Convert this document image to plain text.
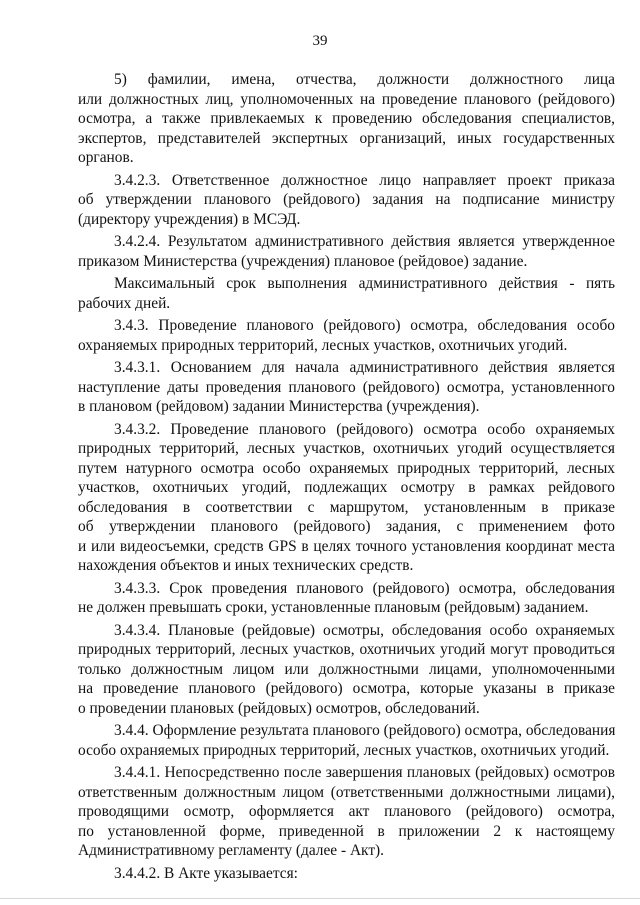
39
5)    фамилии,    имена,    отчества,    должности    должностного    лица
или должностных лиц, уполномоченных на проведение планового (рейдового)
осмотра, а также привлекаемых к проведению обследования специалистов,
экспертов, представителей экспертных организаций, иных государственных
органов.
3.4.2.3. Ответственное должностное лицо направляет проект приказа
об утверждении планового (рейдового) задания на подписание министру
(директору учреждения) в МСЭД.
3.4.2.4. Результатом административного действия является утвержденное
приказом Министерства (учреждения) плановое (рейдовое) задание.
Максимальный срок выполнения административного действия - пять
рабочих дней.
3.4.3. Проведение планового (рейдового) осмотра, обследования особо
охраняемых природных территорий, лесных участков, охотничьих угодий.
3.4.3.1. Основанием для начала административного действия является
наступление даты проведения планового (рейдового) осмотра, установленного
в плановом (рейдовом) задании Министерства (учреждения).
3.4.3.2. Проведение планового (рейдового) осмотра особо охраняемых
природных территорий, лесных участков, охотничьих угодий осуществляется
путем натурного осмотра особо охраняемых природных территорий, лесных
участков, охотничьих угодий, подлежащих осмотру в рамках рейдового
обследования в соответствии с маршрутом, установленным в приказе
об утверждении планового (рейдового) задания, с применением фото
и или видеосъемки, средств GPS в целях точного установления координат места
нахождения объектов и иных технических средств.
3.4.3.3. Срок проведения планового (рейдового) осмотра, обследования
не должен превышать сроки, установленные плановым (рейдовым) заданием.
3.4.3.4. Плановые (рейдовые) осмотры, обследования особо охраняемых
природных территорий, лесных участков, охотничьих угодий могут проводиться
только должностным лицом или должностными лицами, уполномоченными
на проведение планового (рейдового) осмотра, которые указаны в приказе
о проведении плановых (рейдовых) осмотров, обследований.
3.4.4. Оформление результата планового (рейдового) осмотра, обследования
особо охраняемых природных территорий, лесных участков, охотничьих угодий.
3.4.4.1. Непосредственно после завершения плановых (рейдовых) осмотров
ответственным должностным лицом (ответственными должностными лицами),
проводящими осмотр, оформляется акт планового (рейдового) осмотра,
по установленной форме, приведенной в приложении 2 к настоящему
Административному регламенту (далее - Акт).
3.4.4.2. В Акте указывается:
